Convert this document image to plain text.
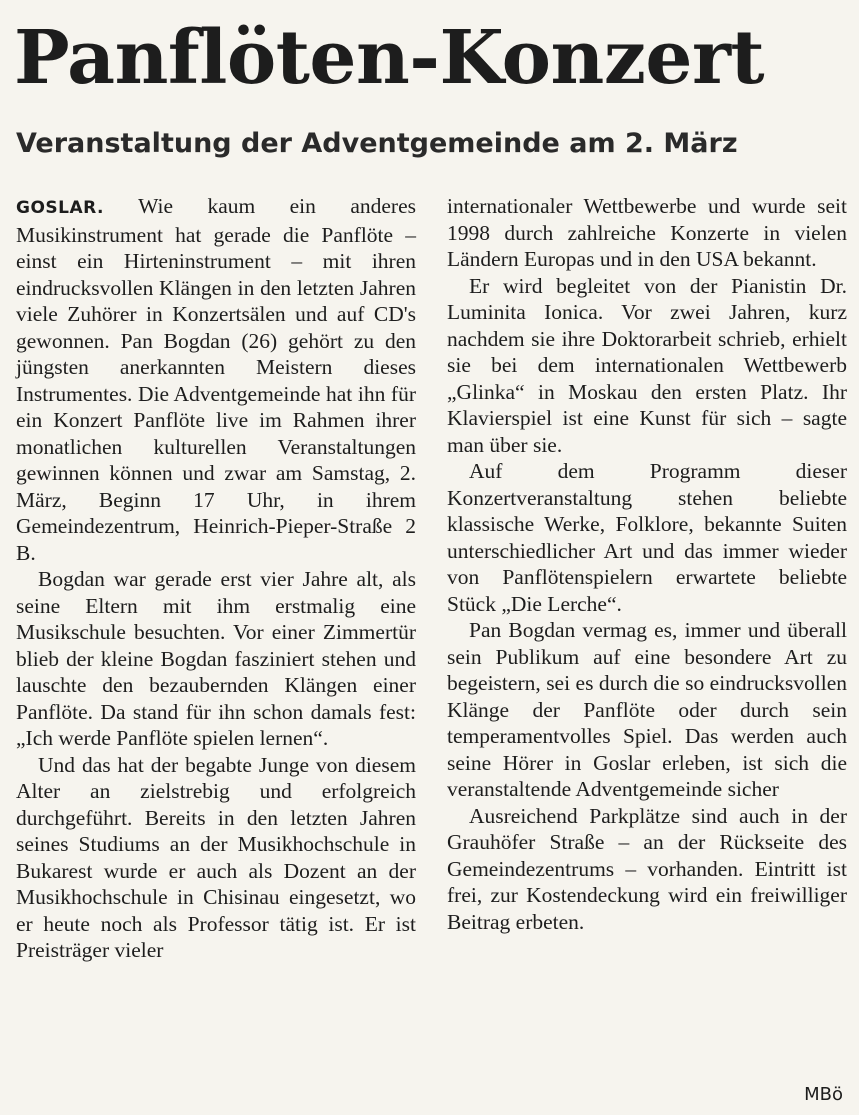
Panflöten-Konzert
Veranstaltung der Adventgemeinde am 2. März

GOSLAR. Wie kaum ein anderes Musikinstrument hat gerade die Panflöte – einst ein Hirteninstrument – mit ihren eindrucksvollen Klängen in den letzten Jahren viele Zuhörer in Konzertsälen und auf CD's gewonnen. Pan Bogdan (26) gehört zu den jüngsten anerkannten Meistern dieses Instrumentes. Die Adventgemeinde hat ihn für ein Konzert Panflöte live im Rahmen ihrer monatlichen kulturellen Veranstaltungen gewinnen können und zwar am Samstag, 2. März, Beginn 17 Uhr, in ihrem Gemeindezentrum, Heinrich-Pieper-Straße 2 B.

Bogdan war gerade erst vier Jahre alt, als seine Eltern mit ihm erstmalig eine Musikschule besuchten. Vor einer Zimmertür blieb der kleine Bogdan fasziniert stehen und lauschte den bezaubernden Klängen einer Panflöte. Da stand für ihn schon damals fest: „Ich werde Panflöte spielen lernen“.

Und das hat der begabte Junge von diesem Alter an zielstrebig und erfolgreich durchgeführt. Bereits in den letzten Jahren seines Studiums an der Musikhochschule in Bukarest wurde er auch als Dozent an der Musikhochschule in Chisinau eingesetzt, wo er heute noch als Professor tätig ist. Er ist Preisträger vieler

internationaler Wettbewerbe und wurde seit 1998 durch zahlreiche Konzerte in vielen Ländern Europas und in den USA bekannt.

Er wird begleitet von der Pianistin Dr. Luminita Ionica. Vor zwei Jahren, kurz nachdem sie ihre Doktorarbeit schrieb, erhielt sie bei dem internationalen Wettbewerb „Glinka“ in Moskau den ersten Platz. Ihr Klavierspiel ist eine Kunst für sich – sagte man über sie.

Auf dem Programm dieser Konzertveranstaltung stehen beliebte klassische Werke, Folklore, bekannte Suiten unterschiedlicher Art und das immer wieder von Panflötenspielern erwartete beliebte Stück „Die Lerche“.

Pan Bogdan vermag es, immer und überall sein Publikum auf eine besondere Art zu begeistern, sei es durch die so eindrucksvollen Klänge der Panflöte oder durch sein temperamentvolles Spiel. Das werden auch seine Hörer in Goslar erleben, ist sich die veranstaltende Adventgemeinde sicher

Ausreichend Parkplätze sind auch in der Grauhöfer Straße – an der Rückseite des Gemeindezentrums – vorhanden. Eintritt ist frei, zur Kostendeckung wird ein freiwilliger Beitrag erbeten.

MBö
